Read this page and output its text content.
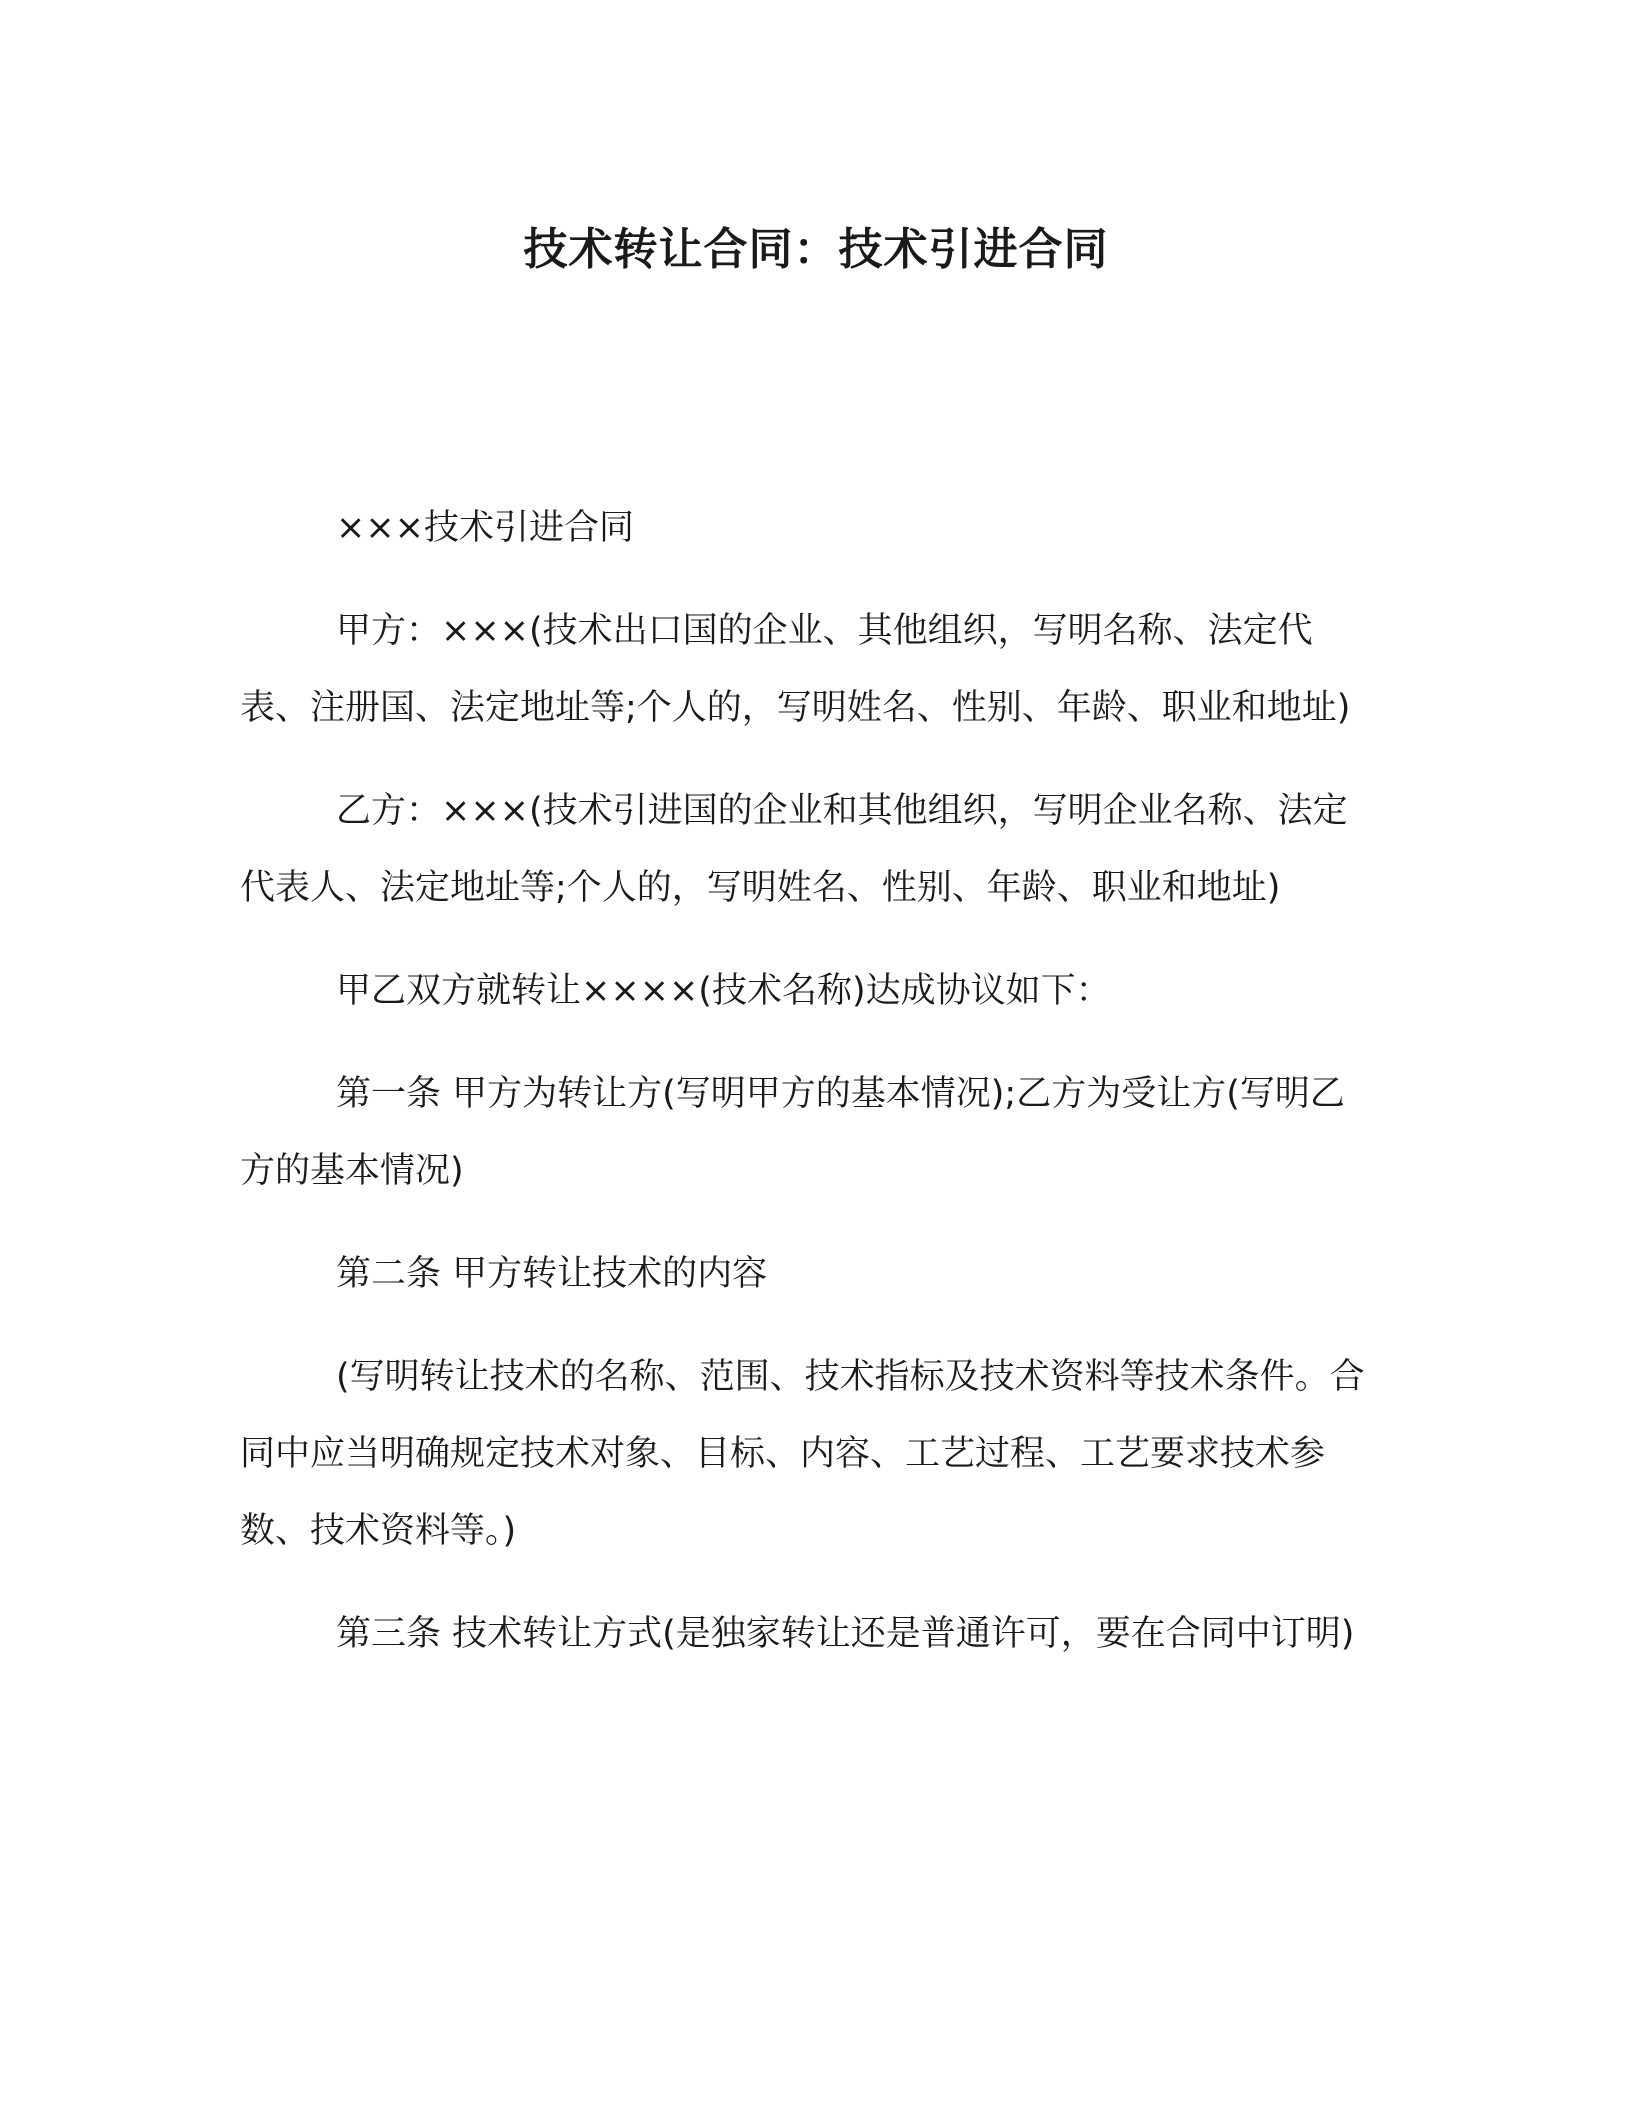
技术转让合同：技术引进合同

×××技术引进合同

甲方：×××(技术出口国的企业、其他组织，写明名称、法定代表、注册国、法定地址等;个人的，写明姓名、性别、年龄、职业和地址)

乙方：×××(技术引进国的企业和其他组织，写明企业名称、法定代表人、法定地址等;个人的，写明姓名、性别、年龄、职业和地址)

甲乙双方就转让××××(技术名称)达成协议如下：

第一条 甲方为转让方(写明甲方的基本情况);乙方为受让方(写明乙方的基本情况)

第二条 甲方转让技术的内容

(写明转让技术的名称、范围、技术指标及技术资料等技术条件。合同中应当明确规定技术对象、目标、内容、工艺过程、工艺要求技术参数、技术资料等。)

第三条 技术转让方式(是独家转让还是普通许可，要在合同中订明)
